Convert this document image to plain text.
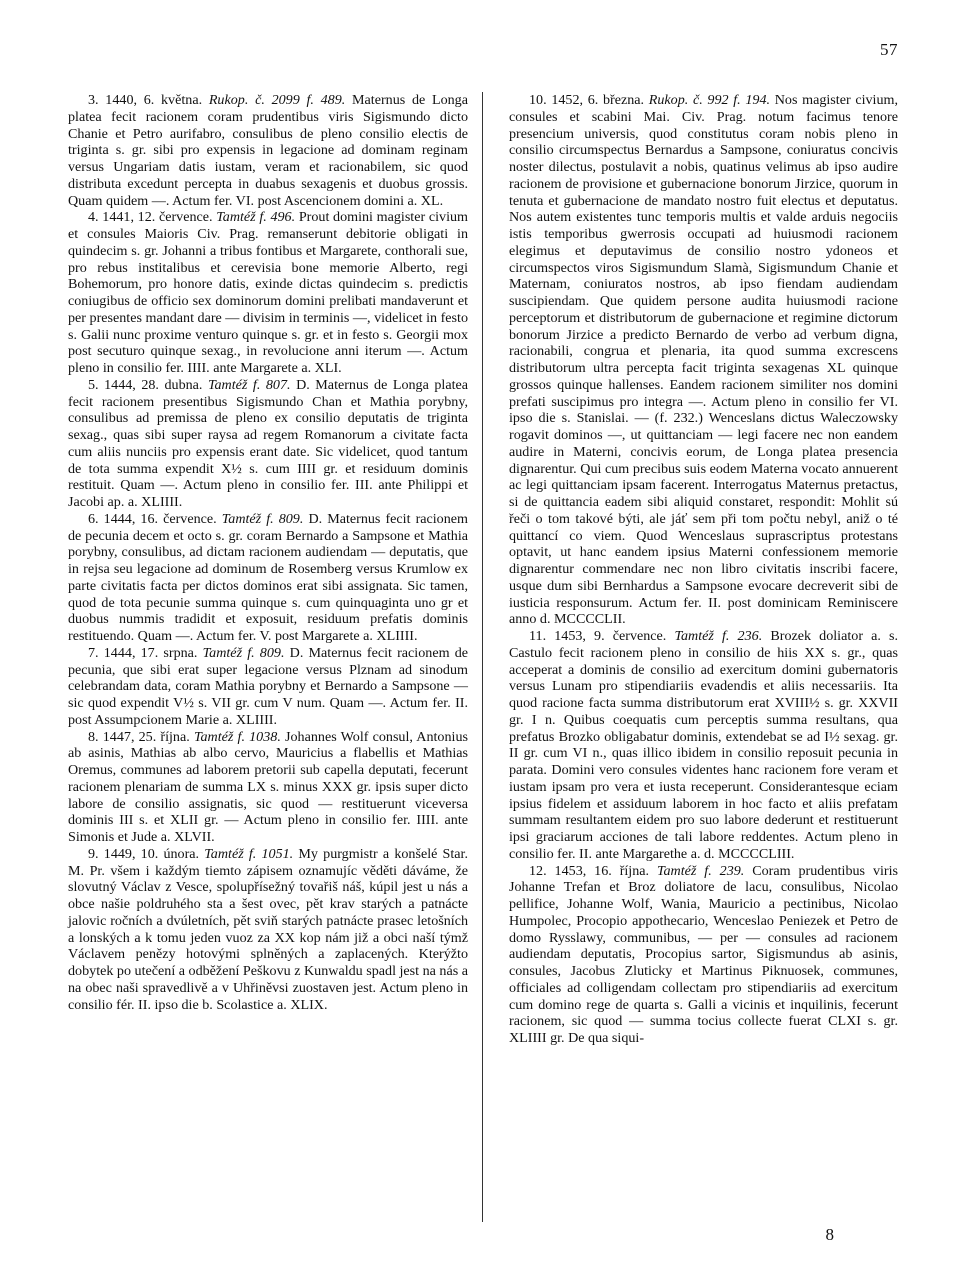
57

3. 1440, 6. května. Rukop. č. 2099 f. 489. Maternus de Longa platea fecit racionem coram prudentibus viris Sigismundo dicto Chanie et Petro aurifabro, consulibus de pleno consilio electis de triginta s. gr. sibi pro expensis in legacione ad dominam reginam versus Ungariam datis iustam, veram et racionabilem, sic quod distributa excedunt percepta in duabus sexagenis et duobus grossis. Quam quidem —. Actum fer. VI. post Ascencionem domini a. XL.

4. 1441, 12. července. Tamtéž f. 496. Prout domini magister civium et consules Maioris Civ. Prag. remanserunt debitorie obligati in quindecim s. gr. Johanni a tribus fontibus et Margarete, conthorali sue, pro rebus institalibus et cerevisia bone memorie Alberto, regi Bohemorum, pro honore datis, exinde dictas quindecim s. predictis coniugibus de officio sex dominorum domini prelibati mandaverunt et per presentes mandant dare — divisim in terminis —, videlicet in festo s. Galii nunc proxime venturo quinque s. gr. et in festo s. Georgii mox post secuturo quinque sexag., in revolucione anni iterum —. Actum pleno in consilio fer. IIII. ante Margarete a. XLI.

5. 1444, 28. dubna. Tamtéž f. 807. D. Maternus de Longa platea fecit racionem presentibus Sigismundo Chan et Mathia porybny, consulibus ad premissa de pleno ex consilio deputatis de triginta sexag., quas sibi super raysa ad regem Romanorum a civitate facta cum aliis nunciis pro expensis erant date. Sic videlicet, quod tantum de tota summa expendit X½ s. cum IIII gr. et residuum dominis restituit. Quam —. Actum pleno in consilio fer. III. ante Philippi et Jacobi ap. a. XLIIII.

6. 1444, 16. července. Tamtéž f. 809. D. Maternus fecit racionem de pecunia decem et octo s. gr. coram Bernardo a Sampsone et Mathia porybny, consulibus, ad dictam racionem audiendam — deputatis, que in rejsa seu legacione ad dominum de Rosemberg versus Krumlow ex parte civitatis facta per dictos dominos erat sibi assignata. Sic tamen, quod de tota pecunie summa quinque s. cum quinquaginta uno gr et duobus nummis tradidit et exposuit, residuum prefatis dominis restituendo. Quam —. Actum fer. V. post Margarete a. XLIIII.

7. 1444, 17. srpna. Tamtéž f. 809. D. Maternus fecit racionem de pecunia, que sibi erat super legacione versus Plznam ad sinodum celebrandam data, coram Mathia porybny et Bernardo a Sampsone — sic quod expendit V½ s. VII gr. cum V num. Quam —. Actum fer. II. post Assumpcionem Marie a. XLIIII.

8. 1447, 25. října. Tamtéž f. 1038. Johannes Wolf consul, Antonius ab asinis, Mathias ab albo cervo, Mauricius a flabellis et Mathias Oremus, communes ad laborem pretorii sub capella deputati, fecerunt racionem plenariam de summa LX s. minus XXX gr. ipsis super dicto labore de consilio assignatis, sic quod — restituerunt viceversa dominis III s. et XLII gr. — Actum pleno in consilio fer. IIII. ante Simonis et Jude a. XLVII.

9. 1449, 10. února. Tamtéž f. 1051. My purgmistr a konšelé Star. M. Pr. všem i každým tiemto zápisem oznamujíc věděti dáváme, že slovutný Václav z Vesce, spolupřísežný tovařiš náš, kúpil jest u nás a obce našie poldruhého sta a šest ovec, pět krav starých a patnácte jalovic ročních a dvúletních, pět sviň starých patnácte prasec letošních a lonských a k tomu jeden vuoz za XX kop nám již a obci naší týmž Václavem penězy hotovými splněných a zaplacených. Kterýžto dobytek po utečení a odběžení Peškovu z Kunwaldu spadl jest na nás a na obec naši spravedlivě a v Uhřiněvsi zuostaven jest. Actum pleno in consilio fér. II. ipso die b. Scolastice a. XLIX.

10. 1452, 6. března. Rukop. č. 992 f. 194. Nos magister civium, consules et scabini Mai. Civ. Prag. notum facimus tenore presencium universis, quod constitutus coram nobis pleno in consilio circumspectus Bernardus a Sampsone, coniuratus concivis noster dilectus, postulavit a nobis, quatinus velimus ab ipso audire racionem de provisione et gubernacione bonorum Jirzice, quorum in tenuta et gubernacione de mandato nostro fuit electus et deputatus. Nos autem existentes tunc temporis multis et valde arduis negociis istis temporibus gwerrosis occupati ad huiusmodi racionem elegimus et deputavimus de consilio nostro ydoneos et circumspectos viros Sigismundum Slamà, Sigismundum Chanie et Maternam, coniuratos nostros, ab ipso fiendam audiendam suscipiendam. Que quidem persone audita huiusmodi racione perceptorum et distributorum de gubernacione et regimine dictorum bonorum Jirzice a predicto Bernardo de verbo ad verbum digna, racionabili, congrua et plenaria, ita quod summa excrescens distributorum ultra percepta facit triginta sexagenas XL quinque grossos quinque hallenses. Eandem racionem similiter nos domini prefati suscipimus pro integra —. Actum pleno in consilio fer VI. ipso die s. Stanislai. — (f. 232.) Wenceslans dictus Waleczowsky rogavit dominos —, ut quittanciam — legi facere nec non eandem audire in Materni, concivis eorum, de Longa platea presencia dignarentur. Qui cum precibus suis eodem Materna vocato annuerent ac legi quittanciam ipsam facerent. Interrogatus Maternus pretactus, si de quittancia eadem sibi aliquid constaret, respondit: Mohlit sú řeči o tom takové býti, ale jáť sem při tom počtu nebyl, aniž o té quittancí co viem. Quod Wenceslaus suprascriptus protestans optavit, ut hanc eandem ipsius Materni confessionem memorie dignarentur commendare nec non libro civitatis inscribi facere, usque dum sibi Bernhardus a Sampsone evocare decreverit sibi de iusticia responsurum. Actum fer. II. post dominicam Reminiscere anno d. MCCCCLII.

11. 1453, 9. července. Tamtéž f. 236. Brozek doliator a. s. Castulo fecit racionem pleno in consilio de hiis XX s. gr., quas acceperat a dominis de consilio ad exercitum domini gubernatoris versus Lunam pro stipendiariis evadendis et aliis necessariis. Ita quod racione facta summa distributorum erat XVIII½ s. gr. XXVII gr. I n. Quibus coequatis cum perceptis summa resultans, qua prefatus Brozko obligabatur dominis, extendebat se ad I½ sexag. gr. II gr. cum VI n., quas illico ibidem in consilio reposuit pecunia in parata. Domini vero consules videntes hanc racionem fore veram et iustam ipsam pro vera et iusta receperunt. Considerantesque eciam ipsius fidelem et assiduum laborem in hoc facto et aliis prefatam summam resultantem eidem pro suo labore dederunt et restituerunt ipsi graciarum acciones de tali labore reddentes. Actum pleno in consilio fer. II. ante Margarethe a. d. MCCCCLIII.

12. 1453, 16. října. Tamtéž f. 239. Coram prudentibus viris Johanne Trefan et Broz doliatore de lacu, consulibus, Nicolao pellifice, Johanne Wolf, Wania, Mauricio a pectinibus, Nicolao Humpolec, Procopio appothecario, Wenceslao Peniezek et Petro de domo Rysslawy, communibus, — per — consules ad racionem audiendam deputatis, Procopius sartor, Sigismundus ab asinis, consules, Jacobus Zluticky et Martinus Piknuosek, communes, officiales ad colligendam collectam pro stipendiariis ad exercitum cum domino rege de quarta s. Galli a vicinis et inquilinis, fecerunt racionem, sic quod — summa tocius collecte fuerat CLXI s. gr. XLIIII gr. De qua siqui-

8
